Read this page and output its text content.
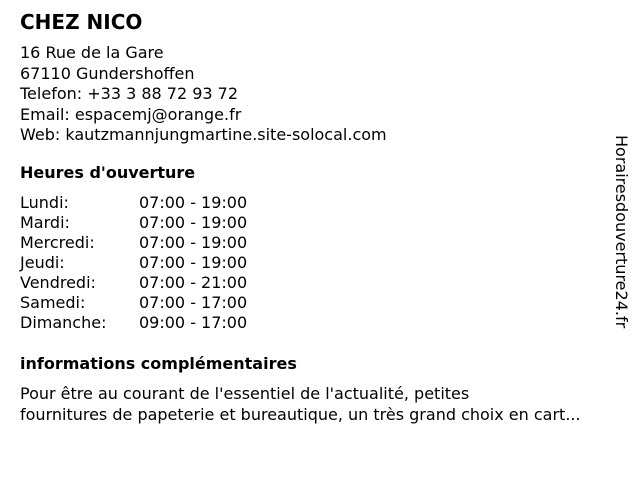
CHEZ NICO
16 Rue de la Gare
67110 Gundershoffen
Telefon: +33 3 88 72 93 72
Email: espacemj@orange.fr
Web: kautzmannjungmartine.site-solocal.com
Heures d'ouverture
Lundi:	07:00 - 19:00
Mardi:	07:00 - 19:00
Mercredi:	07:00 - 19:00
Jeudi:	07:00 - 19:00
Vendredi:	07:00 - 21:00
Samedi:	07:00 - 17:00
Dimanche: 09:00 - 17:00
informations complémentaires
Pour être au courant de l'essentiel de l'actualité, petites
fournitures de papeterie et bureautique, un très grand choix en cart...
Horairesdouverture24.fr
